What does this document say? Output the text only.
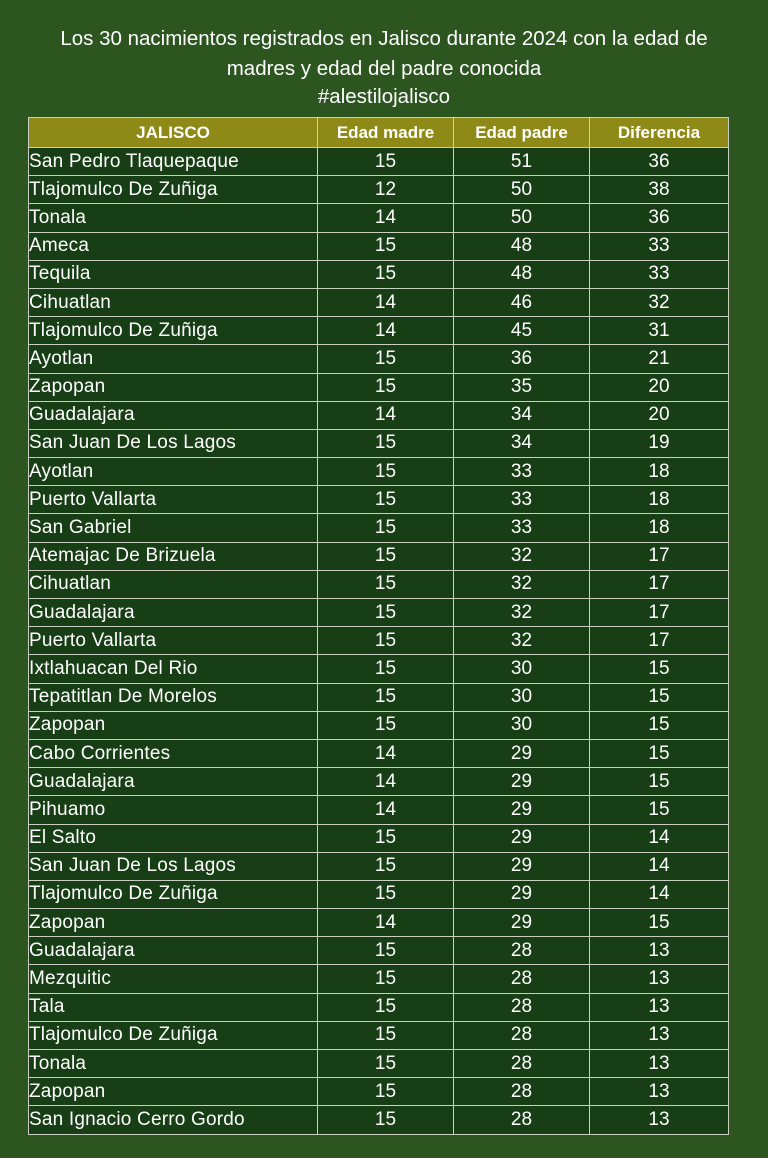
Los 30 nacimientos registrados en Jalisco durante 2024 con la edad de
madres y edad del padre conocida
#alestilojalisco
JALISCO	Edad madre	Edad padre	Diferencia
San Pedro Tlaquepaque	15	51	36
Tlajomulco De Zuñiga	12	50	38
Tonala	14	50	36
Ameca	15	48	33
Tequila	15	48	33
Cihuatlan	14	46	32
Tlajomulco De Zuñiga	14	45	31
Ayotlan	15	36	21
Zapopan	15	35	20
Guadalajara	14	34	20
San Juan De Los Lagos	15	34	19
Ayotlan	15	33	18
Puerto Vallarta	15	33	18
San Gabriel	15	33	18
Atemajac De Brizuela	15	32	17
Cihuatlan	15	32	17
Guadalajara	15	32	17
Puerto Vallarta	15	32	17
Ixtlahuacan Del Rio	15	30	15
Tepatitlan De Morelos	15	30	15
Zapopan	15	30	15
Cabo Corrientes	14	29	15
Guadalajara	14	29	15
Pihuamo	14	29	15
El Salto	15	29	14
San Juan De Los Lagos	15	29	14
Tlajomulco De Zuñiga	15	29	14
Zapopan	14	29	15
Guadalajara	15	28	13
Mezquitic	15	28	13
Tala	15	28	13
Tlajomulco De Zuñiga	15	28	13
Tonala	15	28	13
Zapopan	15	28	13
San Ignacio Cerro Gordo	15	28	13
